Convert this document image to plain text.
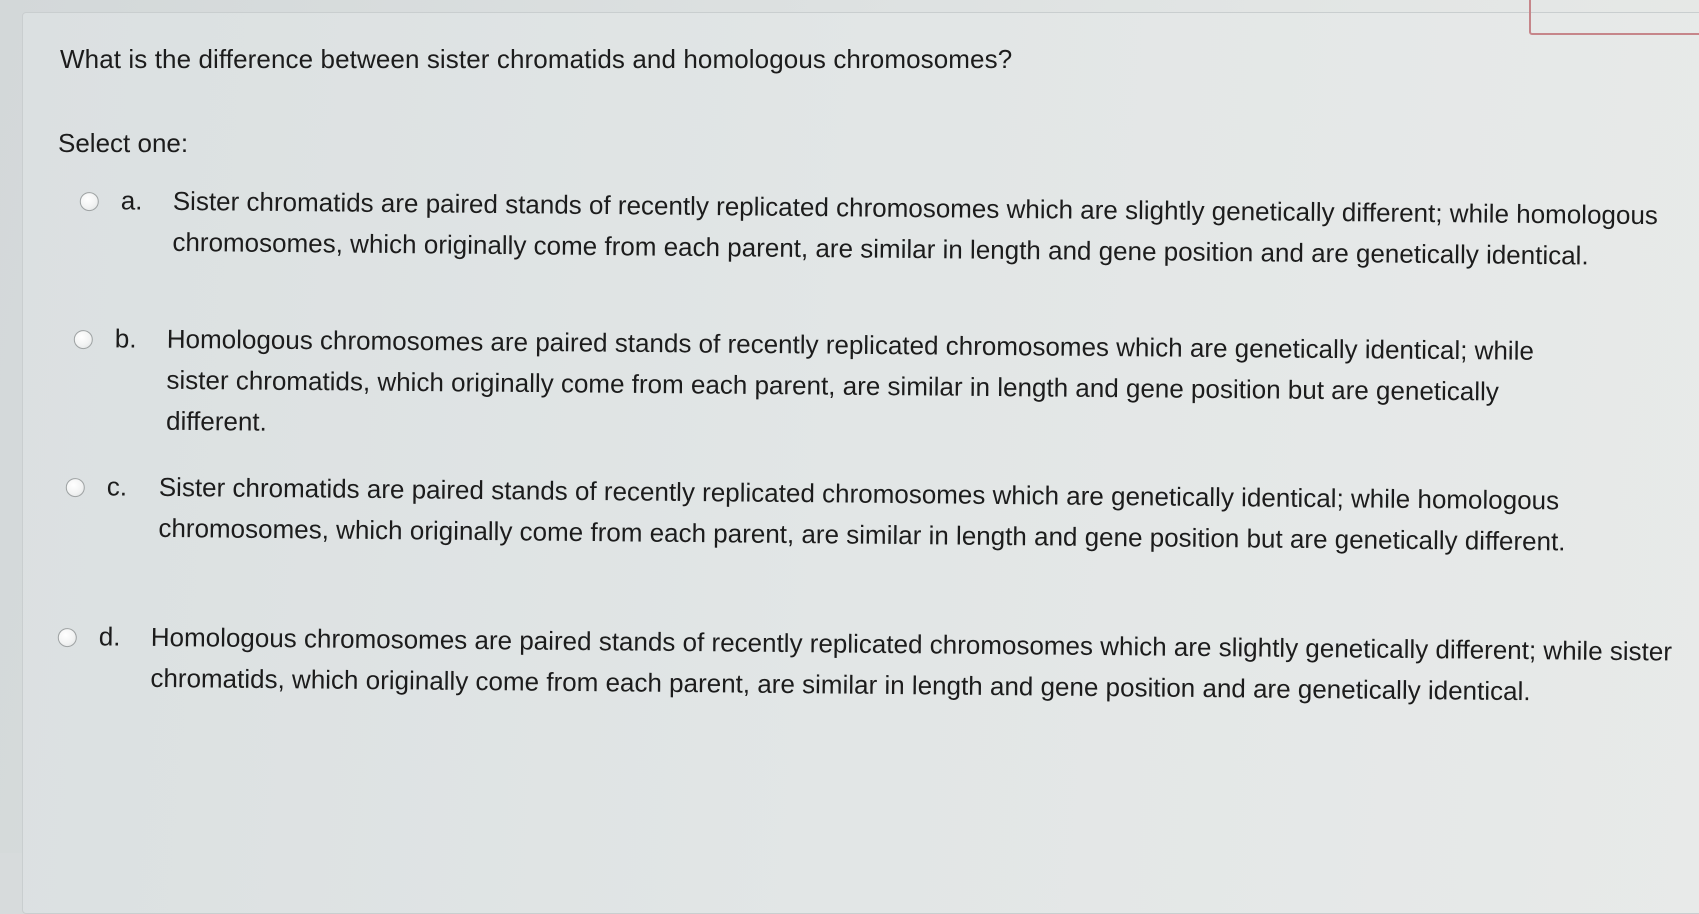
What is the difference between sister chromatids and homologous chromosomes?
Select one:
a.	Sister chromatids are paired stands of recently replicated chromosomes which are slightly genetically different; while homologous chromosomes, which originally come from each parent, are similar in length and gene position and are genetically identical.
b.	Homologous chromosomes are paired stands of recently replicated chromosomes which are genetically identical; while sister chromatids, which originally come from each parent, are similar in length and gene position but are genetically different.
c.	Sister chromatids are paired stands of recently replicated chromosomes which are genetically identical; while homologous chromosomes, which originally come from each parent, are similar in length and gene position but are genetically different.
d.	Homologous chromosomes are paired stands of recently replicated chromosomes which are slightly genetically different; while sister chromatids, which originally come from each parent, are similar in length and gene position and are genetically identical.
